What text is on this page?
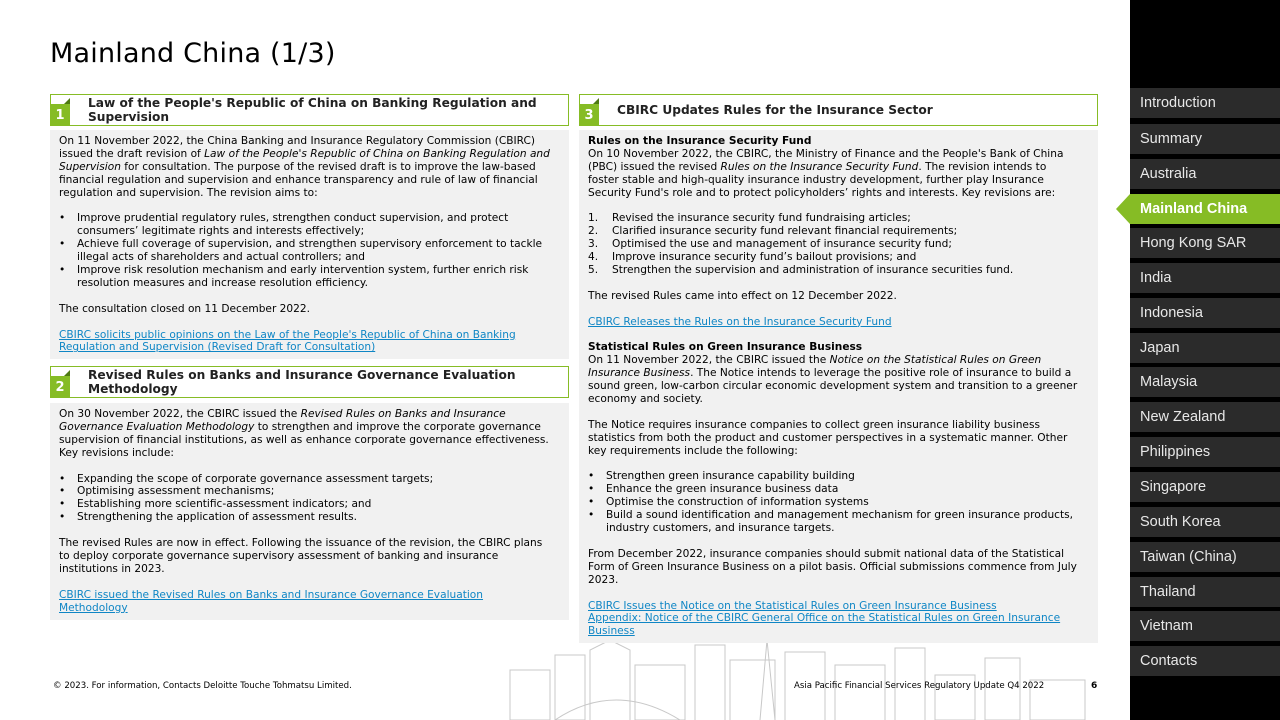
Mainland China (1/3)
1
Law of the People's Republic of China on Banking Regulation and
Supervision

On 11 November 2022, the China Banking and Insurance Regulatory Commission (CBIRC)

issued the draft revision of Law of the People's Republic of China on Banking Regulation and

Supervision for consultation. The purpose of the revised draft is to improve the law-based

financial regulation and supervision and enhance transparency and rule of law of financial

regulation and supervision. The revision aims to:

• Improve prudential regulatory rules, strengthen conduct supervision, and protect
consumers’ legitimate rights and interests effectively;
• Achieve full coverage of supervision, and strengthen supervisory enforcement to tackle
illegal acts of shareholders and actual controllers; and
• Improve risk resolution mechanism and early intervention system, further enrich risk
resolution measures and increase resolution efficiency.

The consultation closed on 11 December 2022.

CBIRC solicits public opinions on the Law of the People's Republic of China on Banking
Regulation and Supervision (Revised Draft for Consultation)
2
Revised Rules on Banks and Insurance Governance Evaluation
Methodology

On 30 November 2022, the CBIRC issued the Revised Rules on Banks and Insurance

Governance Evaluation Methodology to strengthen and improve the corporate governance

supervision of financial institutions, as well as enhance corporate governance effectiveness.

Key revisions include:

• Expanding the scope of corporate governance assessment targets;
• Optimising assessment mechanisms;
• Establishing more scientific-assessment indicators; and
• Strengthening the application of assessment results.

The revised Rules are now in effect. Following the issuance of the revision, the CBIRC plans

to deploy corporate governance supervisory assessment of banking and insurance

institutions in 2023.

CBIRC issued the Revised Rules on Banks and Insurance Governance Evaluation
Methodology
3	CBIRC Updates Rules for the Insurance Sector

Rules on the Insurance Security Fund

On 10 November 2022, the CBIRC, the Ministry of Finance and the People's Bank of China

(PBC) issued the revised Rules on the Insurance Security Fund. The revision intends to

foster stable and high-quality insurance industry development, further play Insurance

Security Fund's role and to protect policyholders’ rights and interests. Key revisions are:

1. Revised the insurance security fund fundraising articles;
2. Clarified insurance security fund relevant financial requirements;
3. Optimised the use and management of insurance security fund;
4. Improve insurance security fund’s bailout provisions; and
5. Strengthen the supervision and administration of insurance securities fund.

The revised Rules came into effect on 12 December 2022.

CBIRC Releases the Rules on the Insurance Security Fund

Statistical Rules on Green Insurance Business

On 11 November 2022, the CBIRC issued the Notice on the Statistical Rules on Green

Insurance Business. The Notice intends to leverage the positive role of insurance to build a

sound green, low-carbon circular economic development system and transition to a greener

economy and society.

The Notice requires insurance companies to collect green insurance liability business

statistics from both the product and customer perspectives in a systematic manner. Other

key requirements include the following:

• Strengthen green insurance capability building
• Enhance the green insurance business data
• Optimise the construction of information systems
• Build a sound identification and management mechanism for green insurance products,
industry customers, and insurance targets.

From December 2022, insurance companies should submit national data of the Statistical

Form of Green Insurance Business on a pilot basis. Official submissions commence from July

2023.

CBIRC Issues the Notice on the Statistical Rules on Green Insurance Business
Appendix: Notice of the CBIRC General Office on the Statistical Rules on Green Insurance
Business
© 2023. For information, Contacts Deloitte Touche Tohmatsu Limited.	Asia Pacific Financial Services Regulatory Update Q4 2022	6
Introduction
Summary
Australia
Mainland China
Hong Kong SAR
India
Indonesia
Japan
Malaysia
New Zealand
Philippines
Singapore
South Korea
Taiwan (China)
Thailand
Vietnam
Contacts
